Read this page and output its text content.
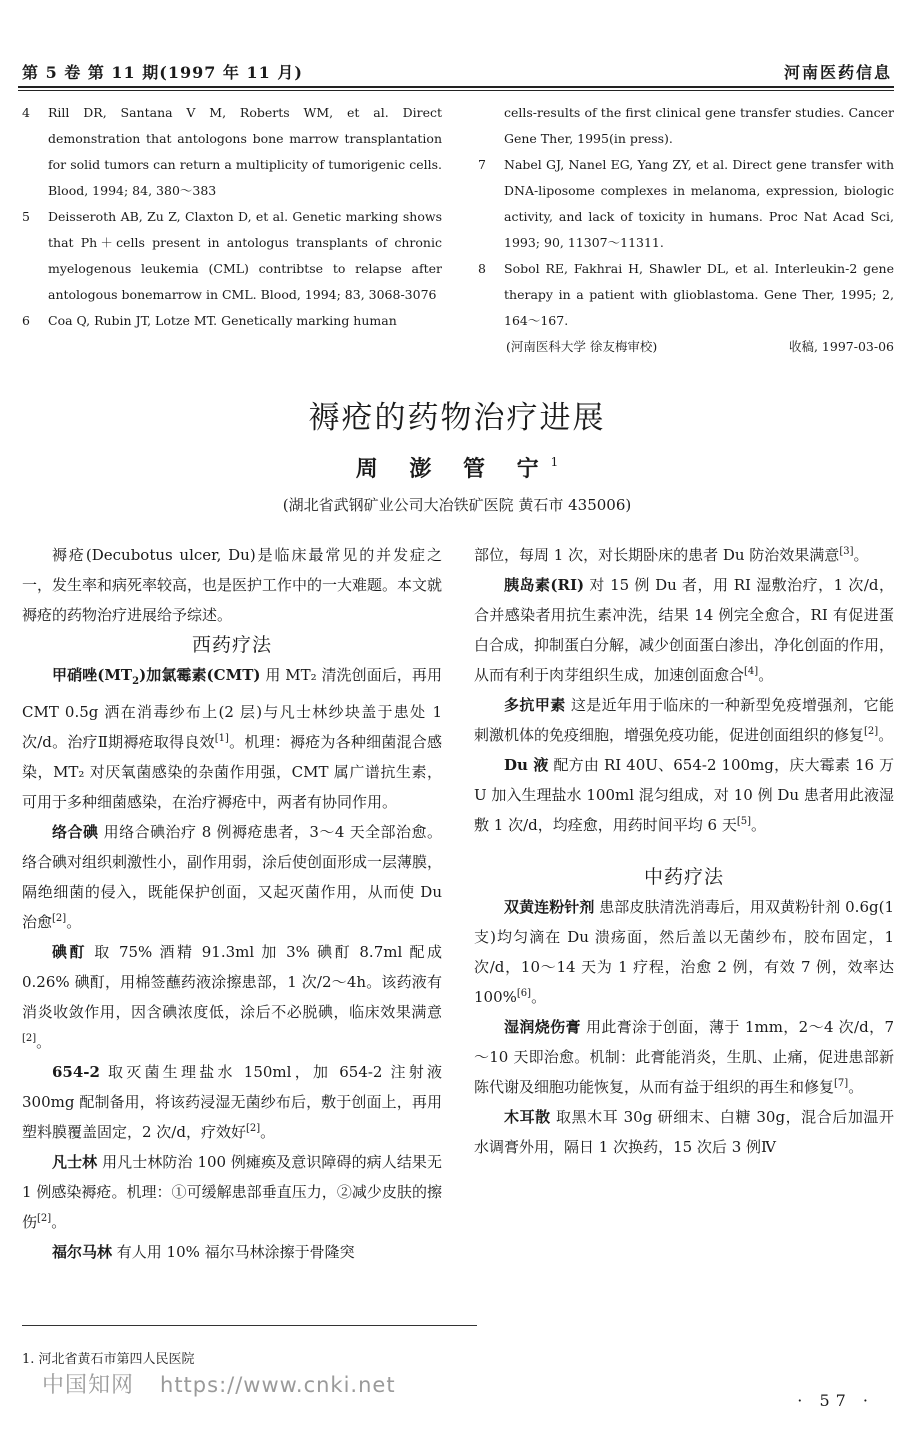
第 5 卷 第 11 期(1997 年 11 月)	河南医药信息
4 Rill DR, Santana V M, Roberts WM, et al. Direct demonstration that antologons bone marrow transplantation for solid tumors can return a multiplicity of tumorigenic cells. Blood, 1994; 84, 380～383
5 Deisseroth AB, Zu Z, Claxton D, et al. Genetic marking shows that Ph＋cells present in antologus transplants of chronic myelogenous leukemia (CML) contribtse to relapse after antologous bonemarrow in CML. Blood, 1994; 83, 3068-3076
6 Coa Q, Rubin JT, Lotze MT. Genetically marking human
cells-results of the first clinical gene transfer studies. Cancer Gene Ther, 1995(in press).
7 Nabel GJ, Nanel EG, Yang ZY, et al. Direct gene transfer with DNA-liposome complexes in melanoma, expression, biologic activity, and lack of toxicity in humans. Proc Nat Acad Sci, 1993; 90, 11307～11311.
8 Sobol RE, Fakhrai H, Shawler DL, et al. Interleukin-2 gene therapy in a patient with glioblastoma. Gene Ther, 1995; 2, 164～167.
(河南医科大学 徐友梅审校)	收稿, 1997-03-06
褥疮的药物治疗进展
周 澎 管 宁$^1$
(湖北省武钢矿业公司大冶铁矿医院 黄石市 435006)

褥疮(Decubotus ulcer, Du)是临床最常见的并发症之一，发生率和病死率较高，也是医护工作中的一大难题。本文就褥疮的药物治疗进展给予综述。

西药疗法

甲硝唑$(MT_2)$加氯霉素(CMT) 用 MT₂ 清洗创面后，再用 CMT 0.5g 洒在消毒纱布上(2 层)与凡士林纱块盖于患处 1 次/d。治疗Ⅱ期褥疮取得良效[1]。机理：褥疮为各种细菌混合感染，MT₂ 对厌氧菌感染的杂菌作用强，CMT 属广谱抗生素，可用于多种细菌感染，在治疗褥疮中，两者有协同作用。

络合碘 用络合碘治疗 8 例褥疮患者，3～4 天全部治愈。络合碘对组织刺激性小，副作用弱，涂后使创面形成一层薄膜，隔绝细菌的侵入，既能保护创面，又起灭菌作用，从而使 Du 治愈[2]。

碘酊 取 75% 酒精 91.3ml 加 3% 碘酊 8.7ml 配成 0.26% 碘酊，用棉签蘸药液涂擦患部，1 次/2～4h。该药液有消炎收敛作用，因含碘浓度低，涂后不必脱碘，临床效果满意[2]。

654-2 取灭菌生理盐水 150ml，加 654-2 注射液 300mg 配制备用，将该药浸湿无菌纱布后，敷于创面上，再用塑料膜覆盖固定，2 次/d，疗效好[2]。

凡士林 用凡士林防治 100 例瘫痪及意识障碍的病人结果无 1 例感染褥疮。机理：①可缓解患部垂直压力，②减少皮肤的擦伤[2]。

福尔马林 有人用 10% 福尔马林涂擦于骨隆突

部位，每周 1 次，对长期卧床的患者 Du 防治效果满意[3]。

胰岛素(RI) 对 15 例 Du 者，用 RI 湿敷治疗，1 次/d，合并感染者用抗生素冲洗，结果 14 例完全愈合，RI 有促进蛋白合成，抑制蛋白分解，减少创面蛋白渗出，净化创面的作用，从而有利于肉芽组织生成，加速创面愈合[4]。

多抗甲素 这是近年用于临床的一种新型免疫增强剂，它能刺激机体的免疫细胞，增强免疫功能，促进创面组织的修复[2]。

Du 液 配方由 RI 40U、654-2 100mg，庆大霉素 16 万 U 加入生理盐水 100ml 混匀组成，对 10 例 Du 患者用此液湿敷 1 次/d，均痊愈，用药时间平均 6 天[5]。

中药疗法

双黄连粉针剂 患部皮肤清洗消毒后，用双黄粉针剂 0.6g(1 支)均匀滴在 Du 溃疡面，然后盖以无菌纱布，胶布固定，1 次/d，10～14 天为 1 疗程，治愈 2 例，有效 7 例，效率达 100%[6]。

湿润烧伤膏 用此膏涂于创面，薄于 1mm，2～4 次/d，7～10 天即治愈。机制：此膏能消炎，生肌、止痛，促进患部新陈代谢及细胞功能恢复，从而有益于组织的再生和修复[7]。

木耳散 取黑木耳 30g 研细末、白糖 30g，混合后加温开水调膏外用，隔日 1 次换药，15 次后 3 例Ⅳ

1. 河北省黄石市第四人民医院
中国知网 https://www.cnki.net
· 57 ·
